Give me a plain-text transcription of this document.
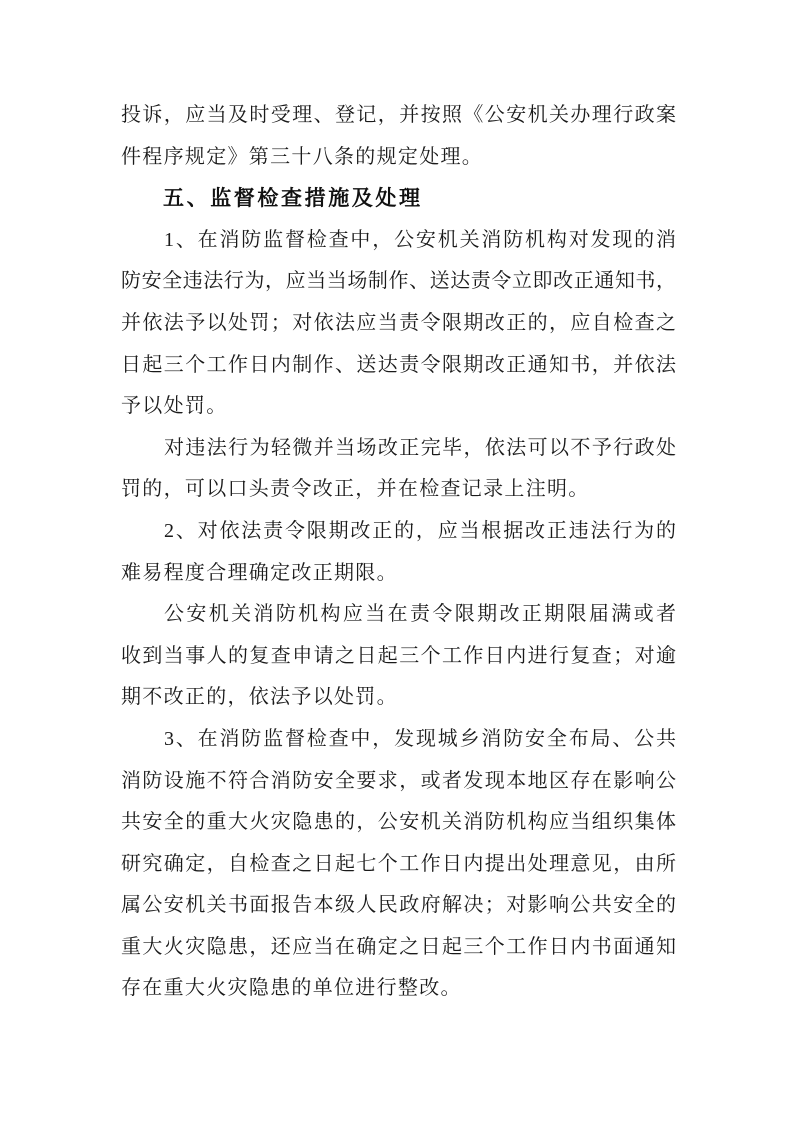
投诉，应当及时受理、登记，并按照《公安机关办理行政案
件程序规定》第三十八条的规定处理。
五、监督检查措施及处理
1、在消防监督检查中，公安机关消防机构对发现的消
防安全违法行为，应当当场制作、送达责令立即改正通知书，
并依法予以处罚；对依法应当责令限期改正的，应自检查之
日起三个工作日内制作、送达责令限期改正通知书，并依法
予以处罚。
对违法行为轻微并当场改正完毕，依法可以不予行政处
罚的，可以口头责令改正，并在检查记录上注明。
2、对依法责令限期改正的，应当根据改正违法行为的
难易程度合理确定改正期限。
公安机关消防机构应当在责令限期改正期限届满或者
收到当事人的复查申请之日起三个工作日内进行复查；对逾
期不改正的，依法予以处罚。
3、在消防监督检查中，发现城乡消防安全布局、公共
消防设施不符合消防安全要求，或者发现本地区存在影响公
共安全的重大火灾隐患的，公安机关消防机构应当组织集体
研究确定，自检查之日起七个工作日内提出处理意见，由所
属公安机关书面报告本级人民政府解决；对影响公共安全的
重大火灾隐患，还应当在确定之日起三个工作日内书面通知
存在重大火灾隐患的单位进行整改。
